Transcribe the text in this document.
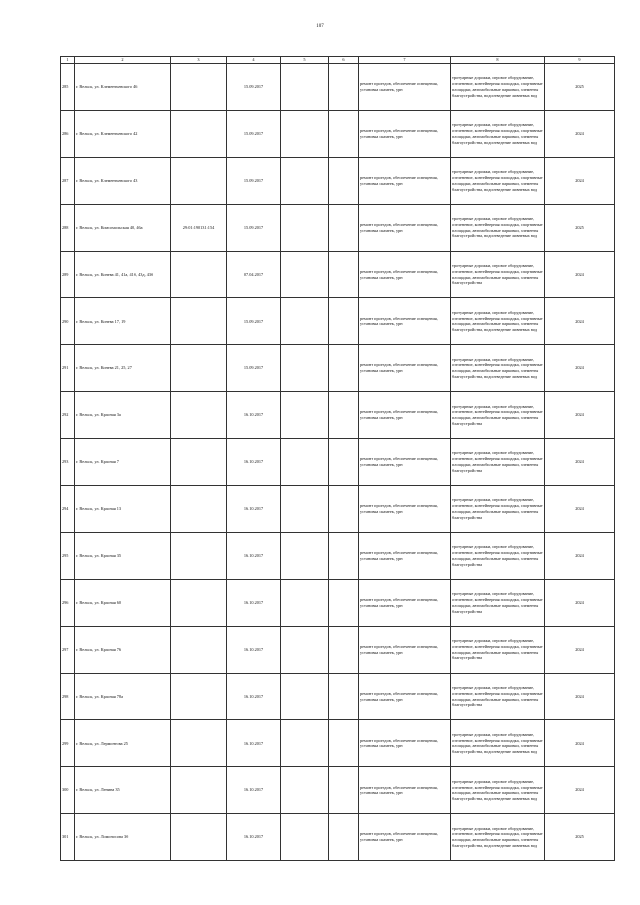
107
1	2	3	4	5	6	7	8	9
285	г. Вельск, ул. Клементьевского 46		15.09.2017			ремонт проездов, обеспечение освещения, установка скамеек, урн	тротуарные дорожки, игровое оборудование, озеленение, контейнерная площадка, спортивные площадки, автомобильные парковки, элементы благоустройства, водоотведение ливневых вод	2025
286	г. Вельск, ул. Клементьевского 42		15.09.2017			ремонт проездов, обеспечение освещения, установка скамеек, урн	тротуарные дорожки, игровое оборудование, озеленение, контейнерная площадка, спортивные площадки, автомобильные парковки, элементы благоустройства, водоотведение ливневых вод	2024
287	г. Вельск, ул. Клементьевского 43		15.09.2017			ремонт проездов, обеспечение освещения, установка скамеек, урн	тротуарные дорожки, игровое оборудование, озеленение, контейнерная площадка, спортивные площадки, автомобильные парковки, элементы благоустройства, водоотведение ливневых вод	2024
288	г. Вельск, ул. Комсомольская 40, 46а	29:01:190131:154	15.09.2017			ремонт проездов, обеспечение освещения, установка скамеек, урн	тротуарные дорожки, игровое оборудование, озеленение, контейнерная площадка, спортивные площадки, автомобильные парковки, элементы благоустройства, водоотведение ливневых вод	2025
289	г. Вельск, ул. Конева 41, 41а, 41б, 43д, 43б		07.04.2017			ремонт проездов, обеспечение освещения, установка скамеек, урн	тротуарные дорожки, игровое оборудование, озеленение, контейнерная площадка, спортивные площадки, автомобильные парковки, элементы благоустройства	2024
290	г. Вельск, ул. Конева 17, 19		15.09.2017			ремонт проездов, обеспечение освещения, установка скамеек, урн	тротуарные дорожки, игровое оборудование, озеленение, контейнерная площадка, спортивные площадки, автомобильные парковки, элементы благоустройства, водоотведение ливневых вод	2024
291	г. Вельск, ул. Конева 21, 25, 27		15.09.2017			ремонт проездов, обеспечение освещения, установка скамеек, урн	тротуарные дорожки, игровое оборудование, озеленение, контейнерная площадка, спортивные площадки, автомобильные парковки, элементы благоустройства, водоотведение ливневых вод	2024
292	г. Вельск, ул. Красная 3а		16.10.2017			ремонт проездов, обеспечение освещения, установка скамеек, урн	тротуарные дорожки, игровое оборудование, озеленение, контейнерная площадка, спортивные площадки, автомобильные парковки, элементы благоустройства	2024
293	г. Вельск, ул. Красная 7		16.10.2017			ремонт проездов, обеспечение освещения, установка скамеек, урн	тротуарные дорожки, игровое оборудование, озеленение, контейнерная площадка, спортивные площадки, автомобильные парковки, элементы благоустройства	2024
294	г. Вельск, ул. Красная 13		16.10.2017			ремонт проездов, обеспечение освещения, установка скамеек, урн	тротуарные дорожки, игровое оборудование, озеленение, контейнерная площадка, спортивные площадки, автомобильные парковки, элементы благоустройства	2024
295	г. Вельск, ул. Красная 35		16.10.2017			ремонт проездов, обеспечение освещения, установка скамеек, урн	тротуарные дорожки, игровое оборудование, озеленение, контейнерная площадка, спортивные площадки, автомобильные парковки, элементы благоустройства	2024
296	г. Вельск, ул. Красная 60		16.10.2017			ремонт проездов, обеспечение освещения, установка скамеек, урн	тротуарные дорожки, игровое оборудование, озеленение, контейнерная площадка, спортивные площадки, автомобильные парковки, элементы благоустройства	2024
297	г. Вельск, ул. Красная 76		16.10.2017			ремонт проездов, обеспечение освещения, установка скамеек, урн	тротуарные дорожки, игровое оборудование, озеленение, контейнерная площадка, спортивные площадки, автомобильные парковки, элементы благоустройства	2024
298	г. Вельск, ул. Красная 78а		16.10.2017			ремонт проездов, обеспечение освещения, установка скамеек, урн	тротуарные дорожки, игровое оборудование, озеленение, контейнерная площадка, спортивные площадки, автомобильные парковки, элементы благоустройства	2024
299	г. Вельск, ул. Лермонтова 25		16.10.2017			ремонт проездов, обеспечение освещения, установка скамеек, урн	тротуарные дорожки, игровое оборудование, озеленение, контейнерная площадка, спортивные площадки, автомобильные парковки, элементы благоустройства, водоотведение ливневых вод	2024
300	г. Вельск, ул. Ленина 35		16.10.2017			ремонт проездов, обеспечение освещения, установка скамеек, урн	тротуарные дорожки, игровое оборудование, озеленение, контейнерная площадка, спортивные площадки, автомобильные парковки, элементы благоустройства, водоотведение ливневых вод	2024
301	г. Вельск, ул. Ломоносова 3б		16.10.2017			ремонт проездов, обеспечение освещения, установка скамеек, урн	тротуарные дорожки, игровое оборудование, озеленение, контейнерная площадка, спортивные площадки, автомобильные парковки, элементы благоустройства, водоотведение ливневых вод	2025
